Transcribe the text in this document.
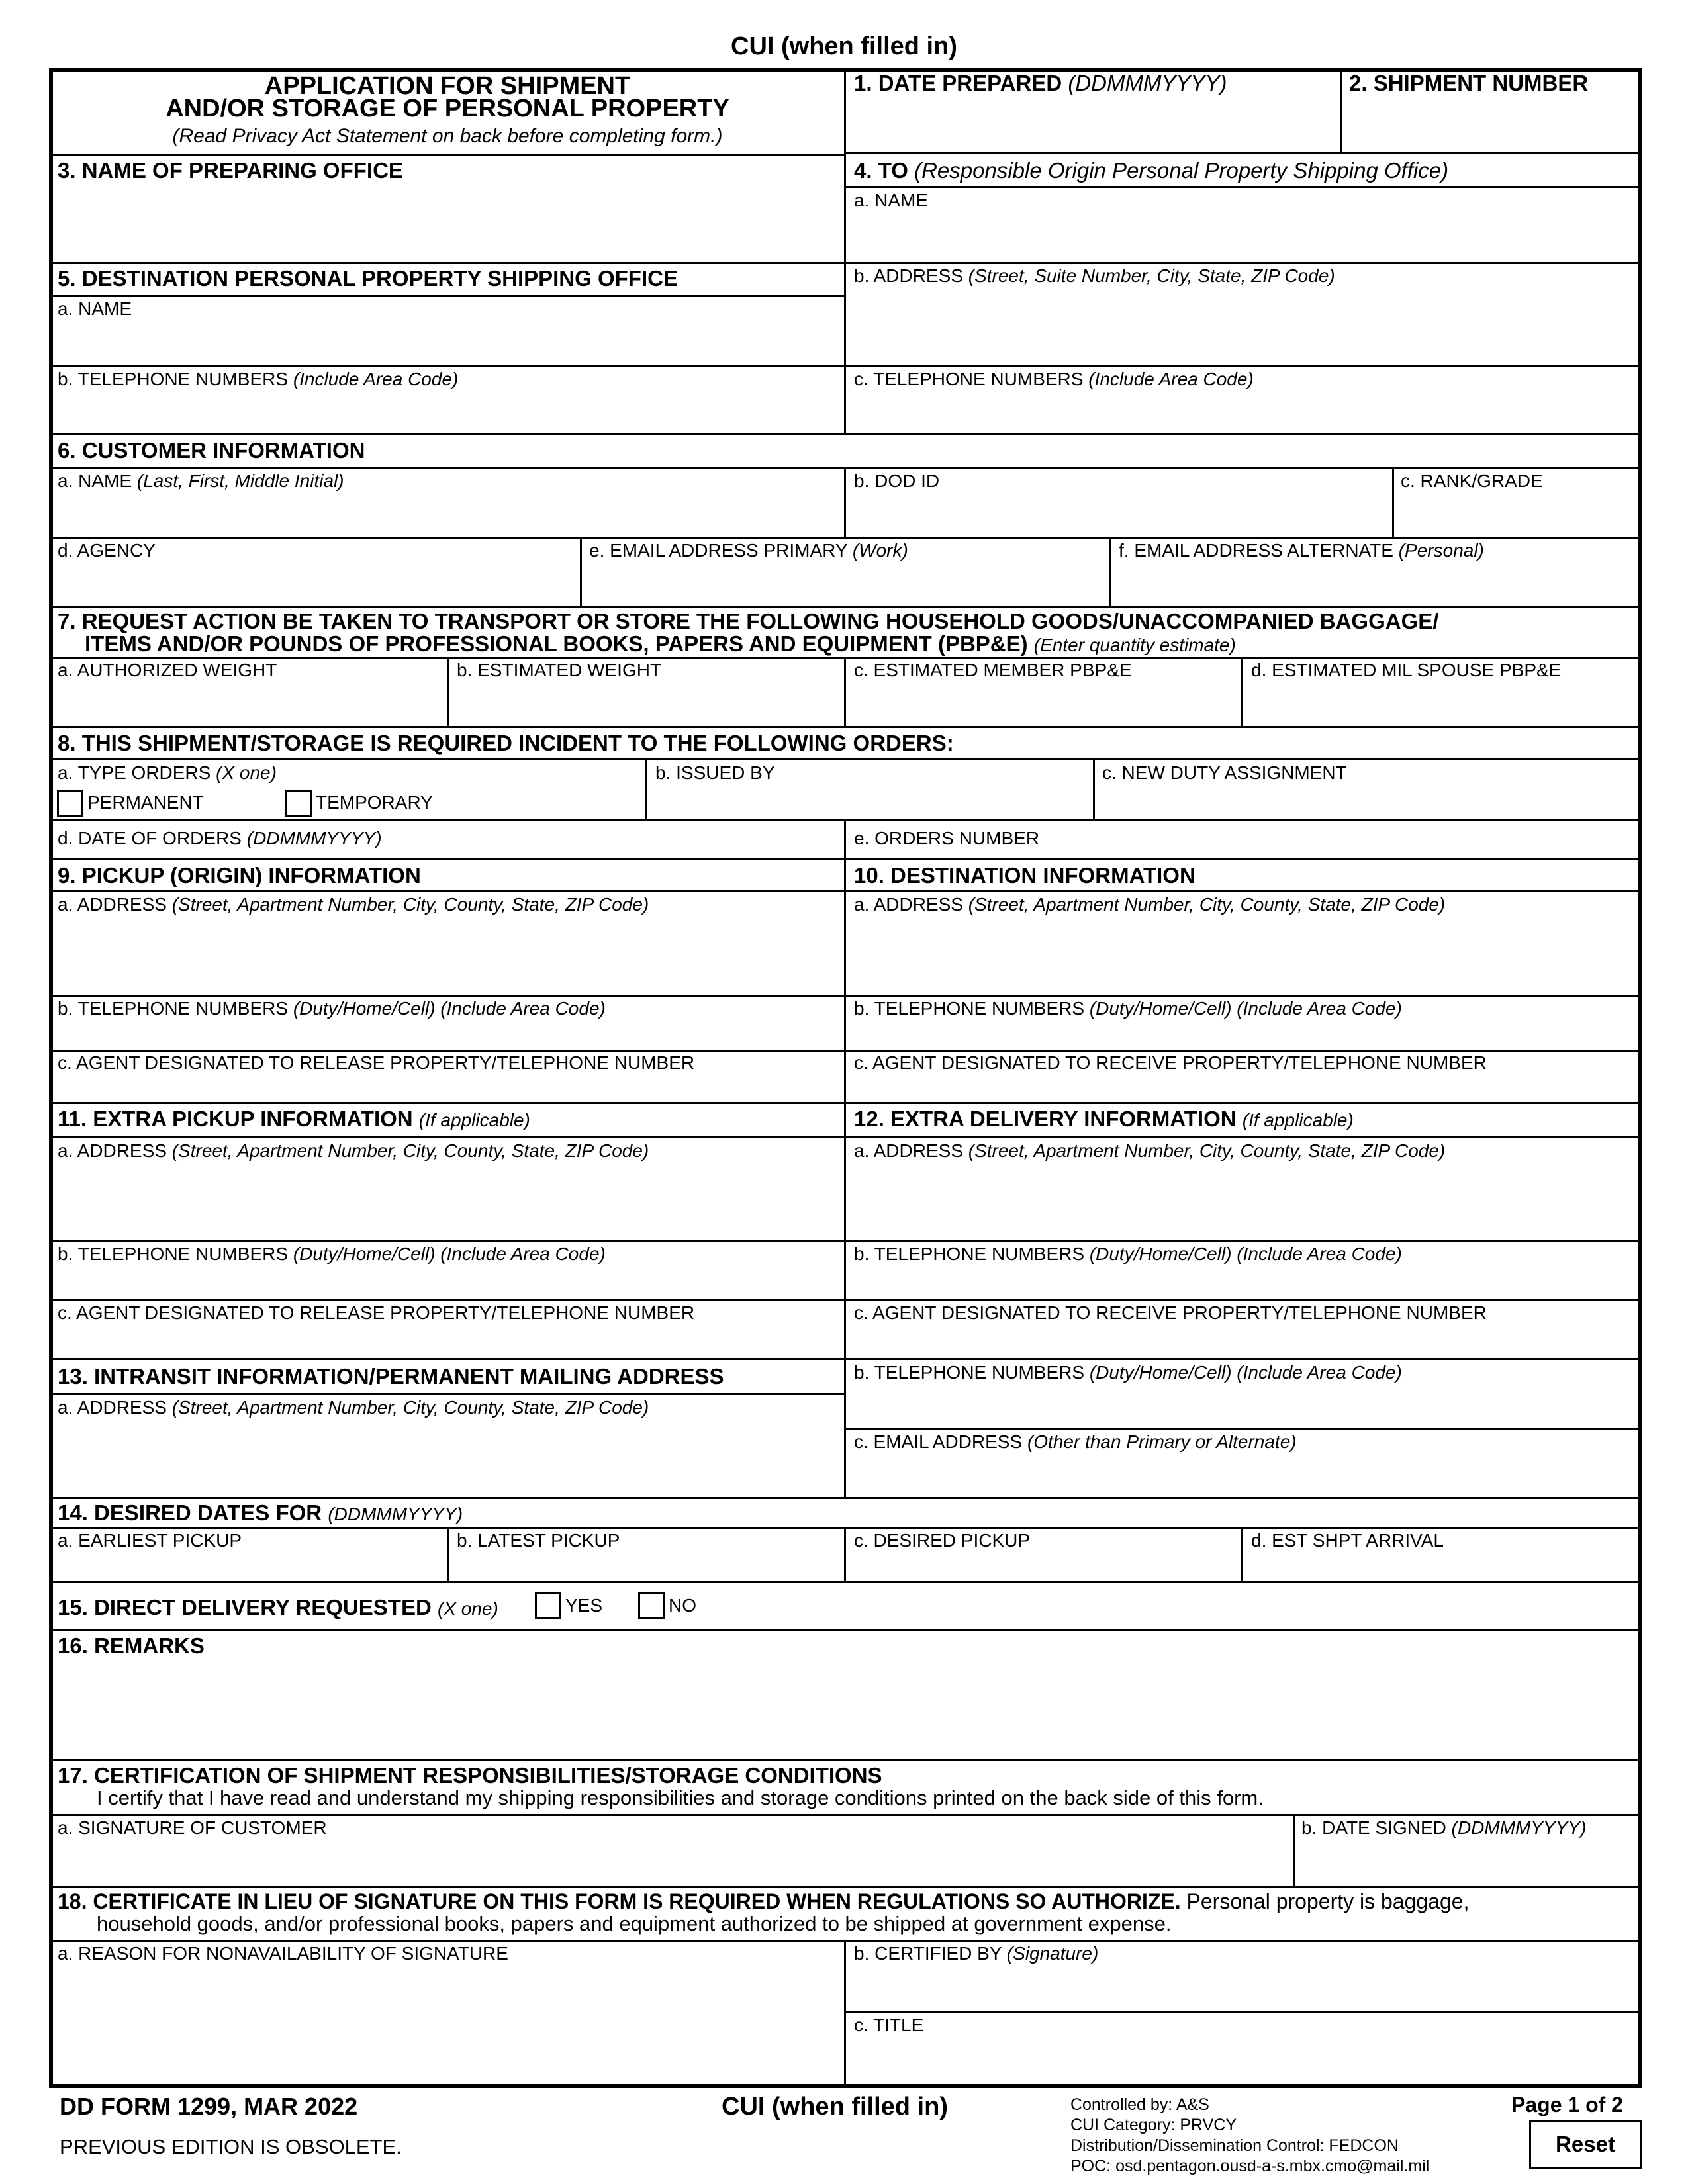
CUI (when filled in)
APPLICATION FOR SHIPMENT
AND/OR STORAGE OF PERSONAL PROPERTY
(Read Privacy Act Statement on back before completing form.)
1. DATE PREPARED (DDMMMYYYY)	2. SHIPMENT NUMBER
3. NAME OF PREPARING OFFICE	4. TO (Responsible Origin Personal Property Shipping Office)
a. NAME
b. ADDRESS (Street, Suite Number, City, State, ZIP Code)
c. TELEPHONE NUMBERS (Include Area Code)
5. DESTINATION PERSONAL PROPERTY SHIPPING OFFICE
a. NAME
b. TELEPHONE NUMBERS (Include Area Code)
6. CUSTOMER INFORMATION
a. NAME (Last, First, Middle Initial)	b. DOD ID	c. RANK/GRADE
d. AGENCY	e. EMAIL ADDRESS PRIMARY (Work)	f. EMAIL ADDRESS ALTERNATE (Personal)
7. REQUEST ACTION BE TAKEN TO TRANSPORT OR STORE THE FOLLOWING HOUSEHOLD GOODS/UNACCOMPANIED BAGGAGE/
ITEMS AND/OR POUNDS OF PROFESSIONAL BOOKS, PAPERS AND EQUIPMENT (PBP&E) (Enter quantity estimate)
a. AUTHORIZED WEIGHT	b. ESTIMATED WEIGHT	c. ESTIMATED MEMBER PBP&E	d. ESTIMATED MIL SPOUSE PBP&E
8. THIS SHIPMENT/STORAGE IS REQUIRED INCIDENT TO THE FOLLOWING ORDERS:
a. TYPE ORDERS (X one)
PERMANENT	TEMPORARY
b. ISSUED BY	c. NEW DUTY ASSIGNMENT
d. DATE OF ORDERS (DDMMMYYYY)	e. ORDERS NUMBER
9. PICKUP (ORIGIN) INFORMATION	10. DESTINATION INFORMATION
a. ADDRESS (Street, Apartment Number, City, County, State, ZIP Code)	a. ADDRESS (Street, Apartment Number, City, County, State, ZIP Code)
b. TELEPHONE NUMBERS (Duty/Home/Cell) (Include Area Code)	b. TELEPHONE NUMBERS (Duty/Home/Cell) (Include Area Code)
c. AGENT DESIGNATED TO RELEASE PROPERTY/TELEPHONE NUMBER	c. AGENT DESIGNATED TO RECEIVE PROPERTY/TELEPHONE NUMBER
11. EXTRA PICKUP INFORMATION (If applicable)	12. EXTRA DELIVERY INFORMATION (If applicable)
a. ADDRESS (Street, Apartment Number, City, County, State, ZIP Code)	a. ADDRESS (Street, Apartment Number, City, County, State, ZIP Code)
b. TELEPHONE NUMBERS (Duty/Home/Cell) (Include Area Code)	b. TELEPHONE NUMBERS (Duty/Home/Cell) (Include Area Code)
c. AGENT DESIGNATED TO RELEASE PROPERTY/TELEPHONE NUMBER	c. AGENT DESIGNATED TO RECEIVE PROPERTY/TELEPHONE NUMBER
13. INTRANSIT INFORMATION/PERMANENT MAILING ADDRESS
a. ADDRESS (Street, Apartment Number, City, County, State, ZIP Code)
b. TELEPHONE NUMBERS (Duty/Home/Cell) (Include Area Code)
c. EMAIL ADDRESS (Other than Primary or Alternate)
14. DESIRED DATES FOR (DDMMMYYYY)
a. EARLIEST PICKUP	b. LATEST PICKUP	c. DESIRED PICKUP	d. EST SHPT ARRIVAL
15. DIRECT DELIVERY REQUESTED (X one)	YES	NO
16. REMARKS
17. CERTIFICATION OF SHIPMENT RESPONSIBILITIES/STORAGE CONDITIONS
I certify that I have read and understand my shipping responsibilities and storage conditions printed on the back side of this form.
a. SIGNATURE OF CUSTOMER	b. DATE SIGNED (DDMMMYYYY)
18. CERTIFICATE IN LIEU OF SIGNATURE ON THIS FORM IS REQUIRED WHEN REGULATIONS SO AUTHORIZE. Personal property is baggage,
household goods, and/or professional books, papers and equipment authorized to be shipped at government expense.
a. REASON FOR NONAVAILABILITY OF SIGNATURE	b. CERTIFIED BY (Signature)
c. TITLE
DD FORM 1299, MAR 2022
PREVIOUS EDITION IS OBSOLETE.
CUI (when filled in)	Controlled by: A&S
CUI Category: PRVCY
Distribution/Dissemination Control: FEDCON
POC: osd.pentagon.ousd-a-s.mbx.cmo@mail.mil
Page 1 of 2
Reset
